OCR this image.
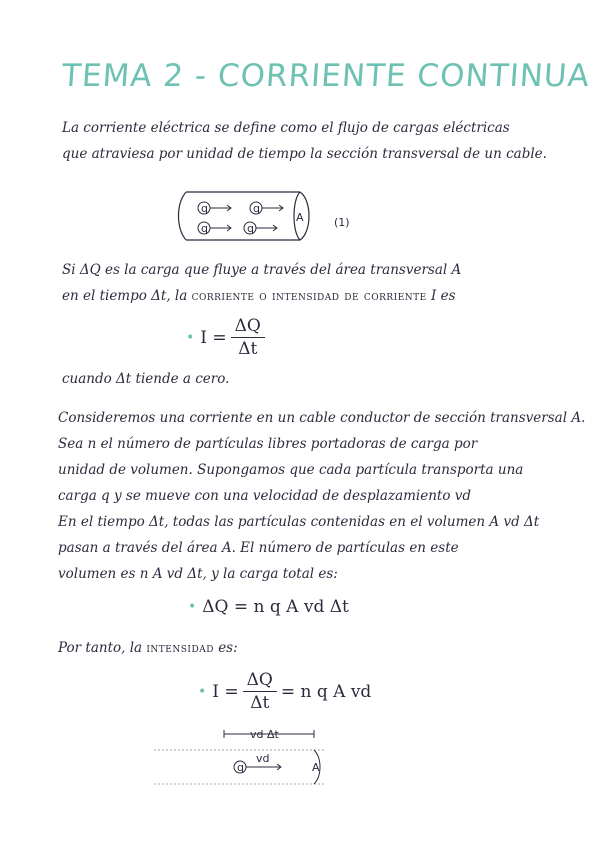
TEMA 2 - CORRIENTE CONTINUA
La corriente eléctrica se define como el flujo de cargas eléctricas
que atraviesa por unidad de tiempo la sección transversal de un cable.
q	q
q	q
A	(1)
Si ΔQ es la carga que fluye a través del área transversal A
en el tiempo Δt, la corriente o intensidad de corriente I es
• $I = \frac{\Delta Q}{\Delta t}$
cuando Δt tiende a cero.
Consideremos una corriente en un cable conductor de sección transversal A.
Sea n el número de partículas libres portadoras de carga por
unidad de volumen. Supongamos que cada partícula transporta una
carga q y se mueve con una velocidad de desplazamiento vd
En el tiempo Δt, todas las partículas contenidas en el volumen A vd Δt
pasan a través del área A. El número de partículas en este
volumen es n A vd Δt, y la carga total es:
• ΔQ = n q A vd Δt
Por tanto, la intensidad es:
• $I = \frac{\Delta Q}{\Delta t} = n$ q A vd
vd Δt
q
vd
A
